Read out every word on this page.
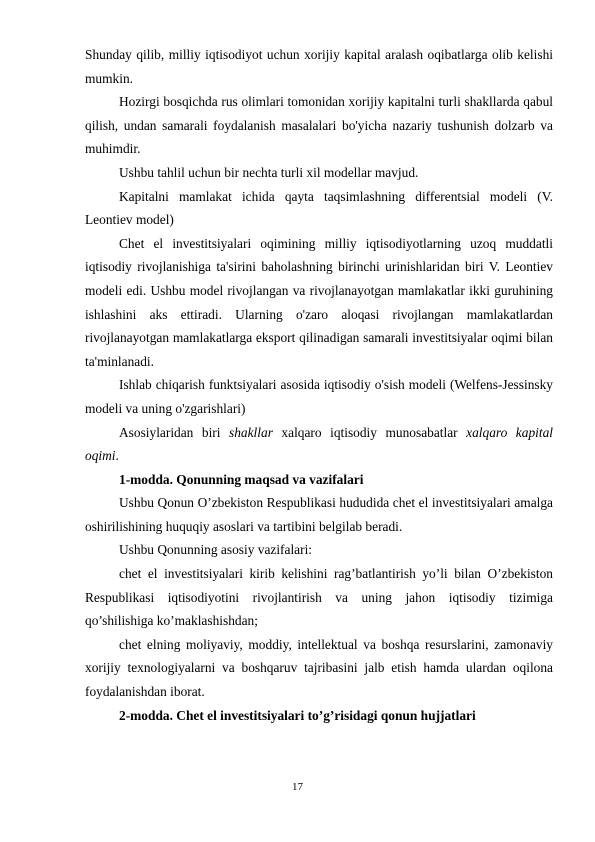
Shunday qilib, milliy iqtisodiyot uchun xorijiy kapital aralash oqibatlarga olib kelishi mumkin.

Hozirgi bosqichda rus olimlari tomonidan xorijiy kapitalni turli shakllarda qabul qilish, undan samarali foydalanish masalalari bo'yicha nazariy tushunish dolzarb va muhimdir.

Ushbu tahlil uchun bir nechta turli xil modellar mavjud.

Kapitalni mamlakat ichida qayta taqsimlashning differentsial modeli (V. Leontiev model)

Chet el investitsiyalari oqimining milliy iqtisodiyotlarning uzoq muddatli iqtisodiy rivojlanishiga ta'sirini baholashning birinchi urinishlaridan biri V. Leontiev modeli edi. Ushbu model rivojlangan va rivojlanayotgan mamlakatlar ikki guruhining ishlashini aks ettiradi. Ularning o'zaro aloqasi rivojlangan mamlakatlardan rivojlanayotgan mamlakatlarga eksport qilinadigan samarali investitsiyalar oqimi bilan ta'minlanadi.

Ishlab chiqarish funktsiyalari asosida iqtisodiy o'sish modeli (Welfens-Jessinsky modeli va uning o'zgarishlari)

Asosiylaridan biri shakllar xalqaro iqtisodiy munosabatlar xalqaro kapital oqimi.

1-modda. Qonunning maqsad va vazifalari

Ushbu Qonun O’zbekiston Respublikasi hududida chet el investitsiyalari amalga oshirilishining huquqiy asoslari va tartibini belgilab beradi.

Ushbu Qonunning asosiy vazifalari:

chet el investitsiyalari kirib kelishini rag’batlantirish yo’li bilan O’zbekiston Respublikasi iqtisodiyotini rivojlantirish va uning jahon iqtisodiy tizimiga qo’shilishiga ko’maklashishdan;

chet elning moliyaviy, moddiy, intellektual va boshqa resurslarini, zamonaviy xorijiy texnologiyalarni va boshqaruv tajribasini jalb etish hamda ulardan oqilona foydalanishdan iborat.

2-modda. Chet el investitsiyalari to’g’risidagi qonun hujjatlari

17
